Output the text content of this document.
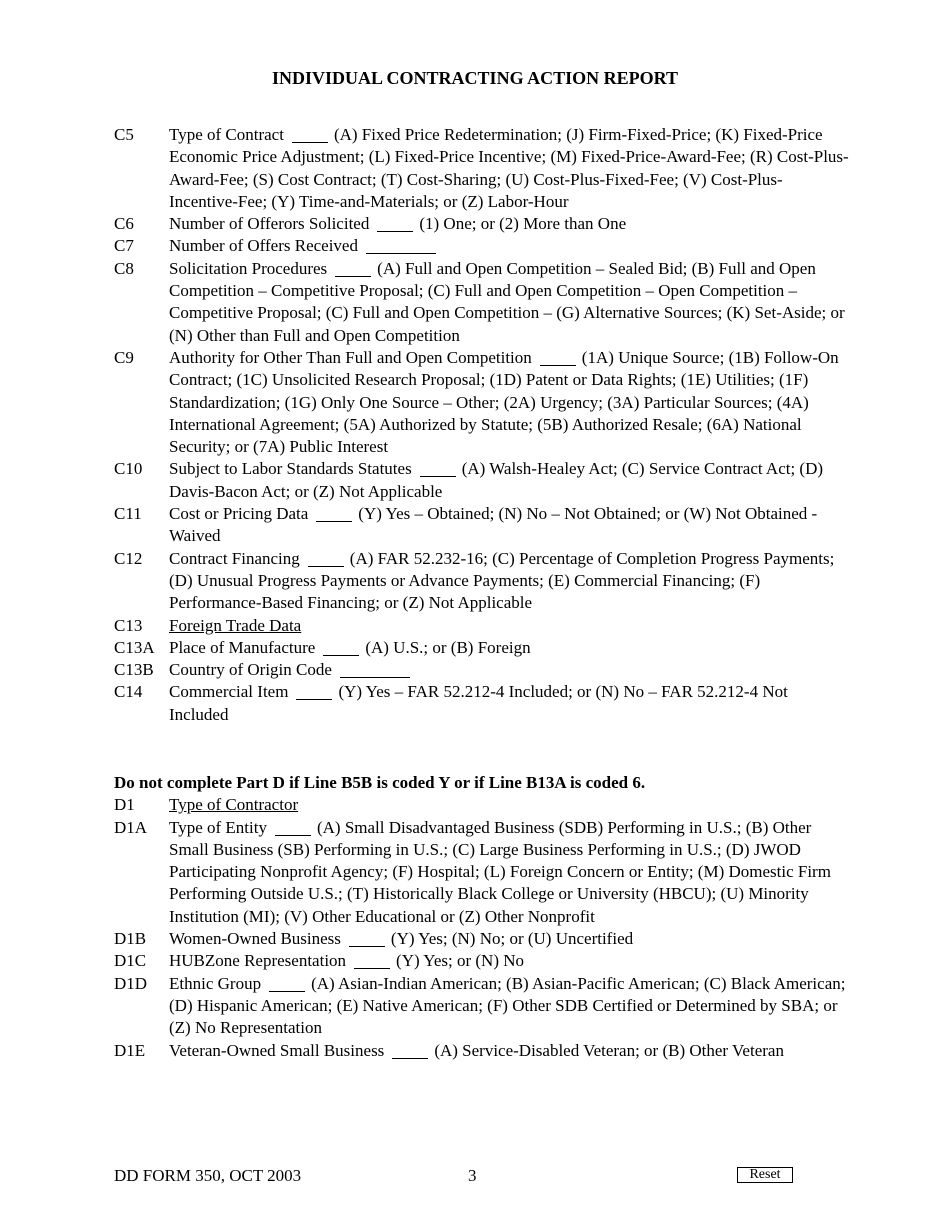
INDIVIDUAL CONTRACTING ACTION REPORT
C5	Type of Contract	(A) Fixed Price Redetermination; (J) Firm-Fixed-Price; (K) Fixed-Price Economic Price Adjustment; (L) Fixed-Price Incentive; (M) Fixed-Price-Award-Fee; (R) Cost-Plus-Award-Fee; (S) Cost Contract; (T) Cost-Sharing; (U) Cost-Plus-Fixed-Fee; (V) Cost-Plus-Incentive-Fee; (Y) Time-and-Materials; or (Z) Labor-Hour
C6	Number of Offerors Solicited	(1) One; or (2) More than One
C7	Number of Offers Received
C8	Solicitation Procedures	(A) Full and Open Competition – Sealed Bid; (B) Full and Open Competition – Competitive Proposal; (C) Full and Open Competition – Open Competition – Competitive Proposal; (C) Full and Open Competition – (G) Alternative Sources; (K) Set-Aside; or (N) Other than Full and Open Competition
C9	Authority for Other Than Full and Open Competition	(1A) Unique Source; (1B) Follow-On Contract; (1C) Unsolicited Research Proposal; (1D) Patent or Data Rights; (1E) Utilities; (1F) Standardization; (1G) Only One Source – Other; (2A) Urgency; (3A) Particular Sources; (4A) International Agreement; (5A) Authorized by Statute; (5B) Authorized Resale; (6A) National Security; or (7A) Public Interest
C10	Subject to Labor Standards Statutes	(A) Walsh-Healey Act; (C) Service Contract Act; (D) Davis-Bacon Act; or (Z) Not Applicable
C11	Cost or Pricing Data	(Y) Yes – Obtained; (N) No – Not Obtained; or (W) Not Obtained - Waived
C12	Contract Financing	(A) FAR 52.232-16; (C) Percentage of Completion Progress Payments; (D) Unusual Progress Payments or Advance Payments; (E) Commercial Financing; (F) Performance-Based Financing; or (Z) Not Applicable
C13	Foreign Trade Data
C13A Place of Manufacture	(A) U.S.; or (B) Foreign
C13B Country of Origin Code
C14	Commercial Item	(Y) Yes – FAR 52.212-4 Included; or (N) No – FAR 52.212-4 Not Included
Do not complete Part D if Line B5B is coded Y or if Line B13A is coded 6.
D1	Type of Contractor
D1A	Type of Entity	(A) Small Disadvantaged Business (SDB) Performing in U.S.; (B) Other Small Business (SB) Performing in U.S.; (C) Large Business Performing in U.S.; (D) JWOD Participating Nonprofit Agency; (F) Hospital; (L) Foreign Concern or Entity; (M) Domestic Firm Performing Outside U.S.; (T) Historically Black College or University (HBCU); (U) Minority Institution (MI); (V) Other Educational or (Z) Other Nonprofit
D1B	Women-Owned Business	(Y) Yes; (N) No; or (U) Uncertified
D1C	HUBZone Representation	(Y) Yes; or (N) No
D1D	Ethnic Group	(A) Asian-Indian American; (B) Asian-Pacific American; (C) Black American; (D) Hispanic American; (E) Native American; (F) Other SDB Certified or Determined by SBA; or (Z) No Representation
D1E	Veteran-Owned Small Business	(A) Service-Disabled Veteran; or (B) Other Veteran
DD FORM 350, OCT 2003	3	Reset
